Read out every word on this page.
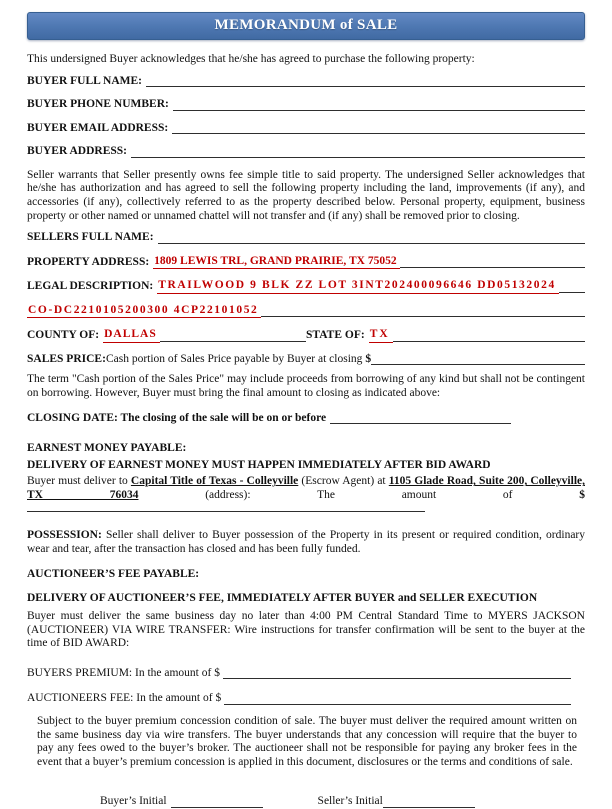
MEMORANDUM of SALE

This undersigned Buyer acknowledges that he/she has agreed to purchase the following property:

BUYER FULL NAME:
BUYER PHONE NUMBER:
BUYER EMAIL ADDRESS:
BUYER ADDRESS:

Seller warrants that Seller presently owns fee simple title to said property. The undersigned Seller acknowledges that he/she has authorization and has agreed to sell the following property including the land, improvements (if any), and accessories (if any), collectively referred to as the property described below. Personal property, equipment, business property or other named or unnamed chattel will not transfer and (if any) shall be removed prior to closing.

SELLERS FULL NAME:
PROPERTY ADDRESS: 1809 LEWIS TRL, GRAND PRAIRIE, TX 75052
LEGAL DESCRIPTION: TRAILWOOD 9 BLK ZZ LOT 3INT202400096646 DD05132024
CO-DC2210105200300 4CP22101052
COUNTY OF: DALLAS	STATE OF: TX
SALES PRICE: Cash portion of Sales Price payable by Buyer at closing $

The term "Cash portion of the Sales Price" may include proceeds from borrowing of any kind but shall not be contingent on borrowing. However, Buyer must bring the final amount to closing as indicated above:

CLOSING DATE: The closing of the sale will be on or before
EARNEST MONEY PAYABLE:
DELIVERY OF EARNEST MONEY MUST HAPPEN IMMEDIATELY AFTER BID AWARD

Buyer must deliver to Capital Title of Texas - Colleyville (Escrow Agent) at 1105 Glade Road, Suite 200, Colleyville, TX 76034 (address): The amount of $

POSSESSION: Seller shall deliver to Buyer possession of the Property in its present or required condition, ordinary wear and tear, after the transaction has closed and has been fully funded.

AUCTIONEER’S FEE PAYABLE:
DELIVERY OF AUCTIONEER’S FEE, IMMEDIATELY AFTER BUYER and SELLER EXECUTION

Buyer must deliver the same business day no later than 4:00 PM Central Standard Time to MYERS JACKSON (AUCTIONEER) VIA WIRE TRANSFER: Wire instructions for transfer confirmation will be sent to the buyer at the time of BID AWARD:

BUYERS PREMIUM: In the amount of $
AUCTIONEERS FEE: In the amount of $

Subject to the buyer premium concession condition of sale. The buyer must deliver the required amount written on the same business day via wire transfers. The buyer understands that any concession will require that the buyer to pay any fees owed to the buyer’s broker. The auctioneer shall not be responsible for paying any broker fees in the event that a buyer’s premium concession is applied in this document, disclosures or the terms and conditions of sale.

Buyer’s Initial	Seller’s Initial
